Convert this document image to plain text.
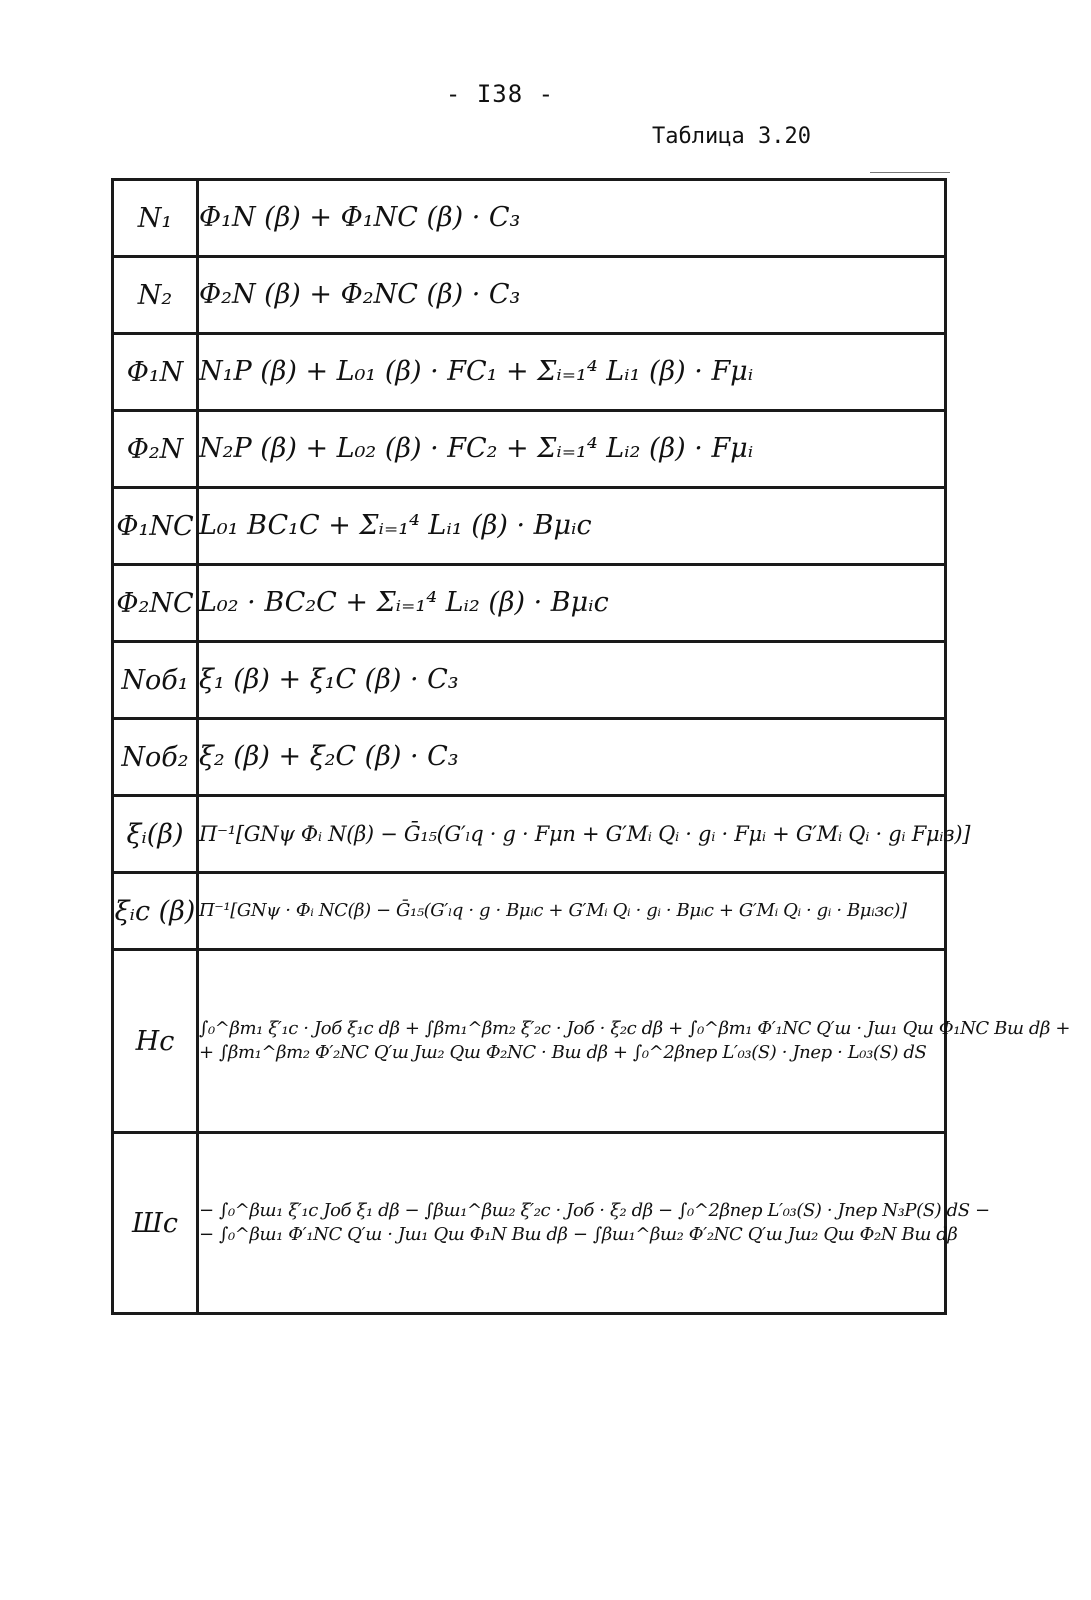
- I38 -
Таблица 3.20
N₁	Φ₁N (β) + Φ₁NC (β) · C₃

N₂	Φ₂N (β) + Φ₂NC (β) · C₃

Φ₁N	N₁P (β) + L₀₁ (β) · FC₁ + Σᵢ₌₁⁴ Lᵢ₁ (β) · Fμᵢ

Φ₂N	N₂P (β) + L₀₂ (β) · FC₂ + Σᵢ₌₁⁴ Lᵢ₂ (β) · Fμᵢ

Φ₁NC	L₀₁ BC₁C + Σᵢ₌₁⁴ Lᵢ₁ (β) · Bμᵢc

Φ₂NC	L₀₂ · BC₂C + Σᵢ₌₁⁴ Lᵢ₂ (β) · Bμᵢc

Nоб₁	ξ₁ (β) + ξ₁C (β) · C₃

Nоб₂	ξ₂ (β) + ξ₂C (β) · C₃

ξᵢ(β)	Π⁻¹[GNψ Φᵢ N(β) − Ḡ₁₅(G′ₗq · g · Fμп + G′Мᵢ Qᵢ · gᵢ · Fμᵢ + G′Мᵢ Qᵢ · gᵢ Fμᵢз)]

ξᵢc (β)	Π⁻¹[GNψ · Φᵢ NC(β) − Ḡ₁₅(G′ₗq · g · Bμᵢc + G′Мᵢ Qᵢ · gᵢ · Bμᵢc + G′Мᵢ Qᵢ · gᵢ · Bμᵢзc)]

Hc	∫₀^βm₁ ξ′₁c · Jоб ξ₁c dβ + ∫βm₁^βm₂ ξ′₂c · Jоб · ξ₂c dβ + ∫₀^βm₁ Φ′₁NC Q′ш · Jш₁ Qш Φ₁NC Bш dβ +
+ ∫βm₁^βm₂ Φ′₂NC Q′ш Jш₂ Qш Φ₂NC · Bш dβ + ∫₀^2βпер L′₀₃(S) · Jпер · L₀₃(S) dS

Шc	− ∫₀^βш₁ ξ′₁c Jоб ξ₁ dβ − ∫βш₁^βш₂ ξ′₂c · Jоб · ξ₂ dβ − ∫₀^2βпер L′₀₃(S) · Jпер N₃P(S) dS −
− ∫₀^βш₁ Φ′₁NC Q′ш · Jш₁ Qш Φ₁N Bш dβ − ∫βш₁^βш₂ Φ′₂NC Q′ш Jш₂ Qш Φ₂N Bш dβ
